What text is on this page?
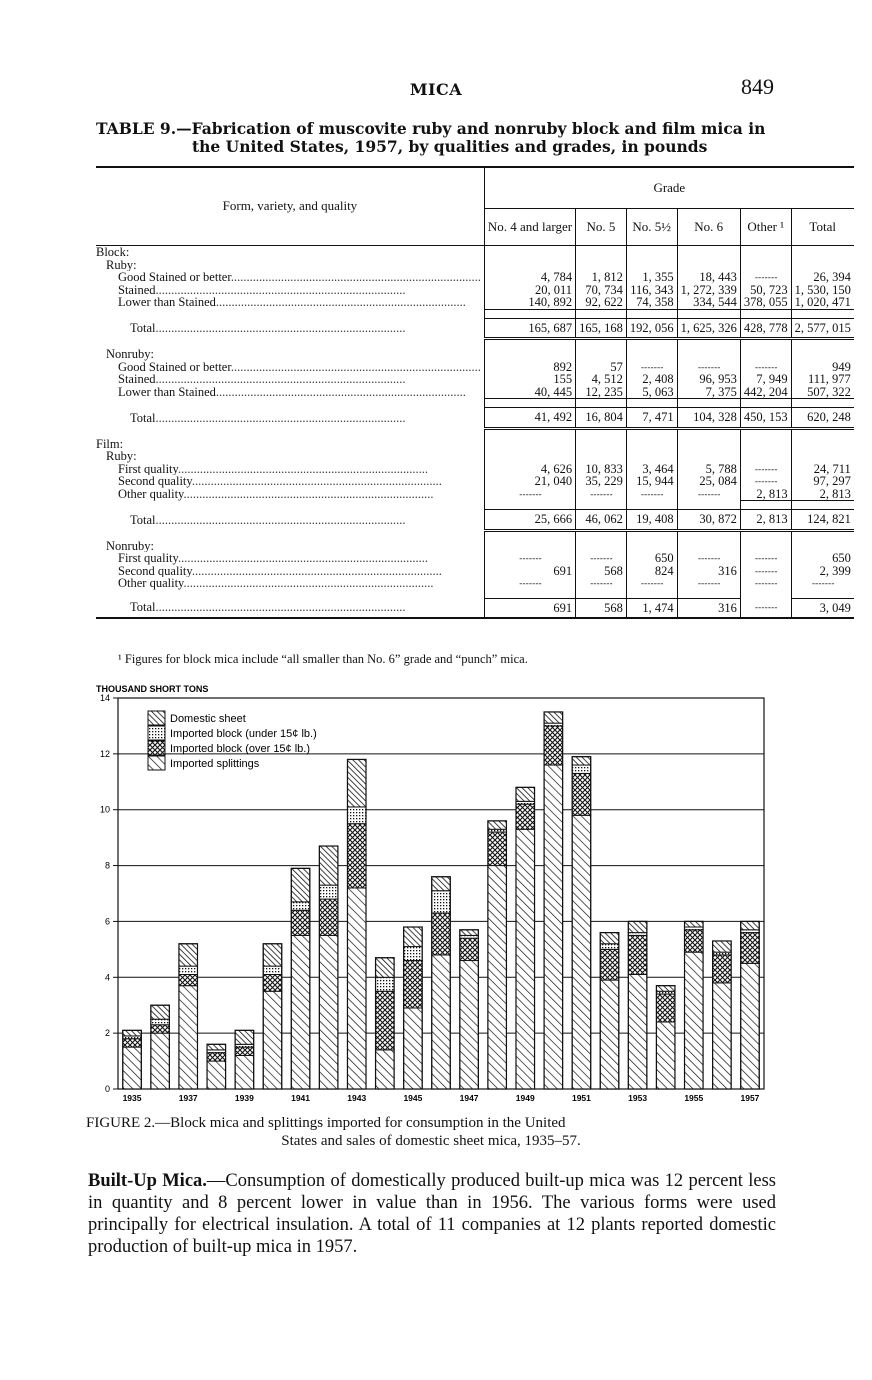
MICA	849
TABLE 9.—Fabrication of muscovite ruby and nonruby block and film mica in
the United States, 1957, by qualities and grades, in pounds
Form, variety, and quality	Grade					
	No. 4 and larger	No. 5	No. 5½	No. 6	Other ¹	Total
Block:						
Ruby:						
Good Stained or better................................................................................	4, 784	1, 812	1, 355	18, 443	- - - - - - -	26, 394
Stained................................................................................	20, 011	70, 734	116, 343	1, 272, 339	50, 723	1, 530, 150
Lower than Stained................................................................................	140, 892	92, 622	74, 358	334, 544	378, 055	1, 020, 471

Total................................................................................	165, 687	165, 168	192, 056	1, 625, 326	428, 778	2, 577, 015

Nonruby:						
Good Stained or better................................................................................	892	57	- - - - - - -	- - - - - - -	- - - - - - -	949
Stained................................................................................	155	4, 512	2, 408	96, 953	7, 949	111, 977
Lower than Stained................................................................................	40, 445	12, 235	5, 063	7, 375	442, 204	507, 322

Total................................................................................	41, 492	16, 804	7, 471	104, 328	450, 153	620, 248

Film:						
Ruby:						
First quality................................................................................	4, 626	10, 833	3, 464	5, 788	- - - - - - -	24, 711
Second quality................................................................................	21, 040	35, 229	15, 944	25, 084	- - - - - - -	97, 297
Other quality................................................................................	- - - - - - -	- - - - - - -	- - - - - - -	- - - - - - -	2, 813	2, 813

Total................................................................................	25, 666	46, 062	19, 408	30, 872	2, 813	124, 821

Nonruby:						
First quality................................................................................	- - - - - - -	- - - - - - -	650	- - - - - - -	- - - - - - -	650
Second quality................................................................................	691	568	824	316	- - - - - - -	2, 399
Other quality................................................................................	- - - - - - -	- - - - - - -	- - - - - - -	- - - - - - -	- - - - - - -	- - - - - - -

Total................................................................................	691	568	1, 474	316	- - - - - - -	3, 049
¹ Figures for block mica include “all smaller than No. 6” grade and “punch” mica.
THOUSAND SHORT TONS
0
2
4
6
8
10
12
14
1935	1937	1939	1941	1943	1945	1947	1949	1951	1953	1955	1957
Domestic sheet
Imported block (under 15¢ lb.)
Imported block (over 15¢ lb.)
Imported splittings
FIGURE 2.—Block mica and splittings imported for consumption in the United
States and sales of domestic sheet mica, 1935–57.
Built-Up Mica.—Consumption of domestically produced built-up mica was 12 percent less in quantity and 8 percent lower in value than in 1956. The various forms were used principally for electrical insulation. A total of 11 companies at 12 plants reported domestic production of built-up mica in 1957.
